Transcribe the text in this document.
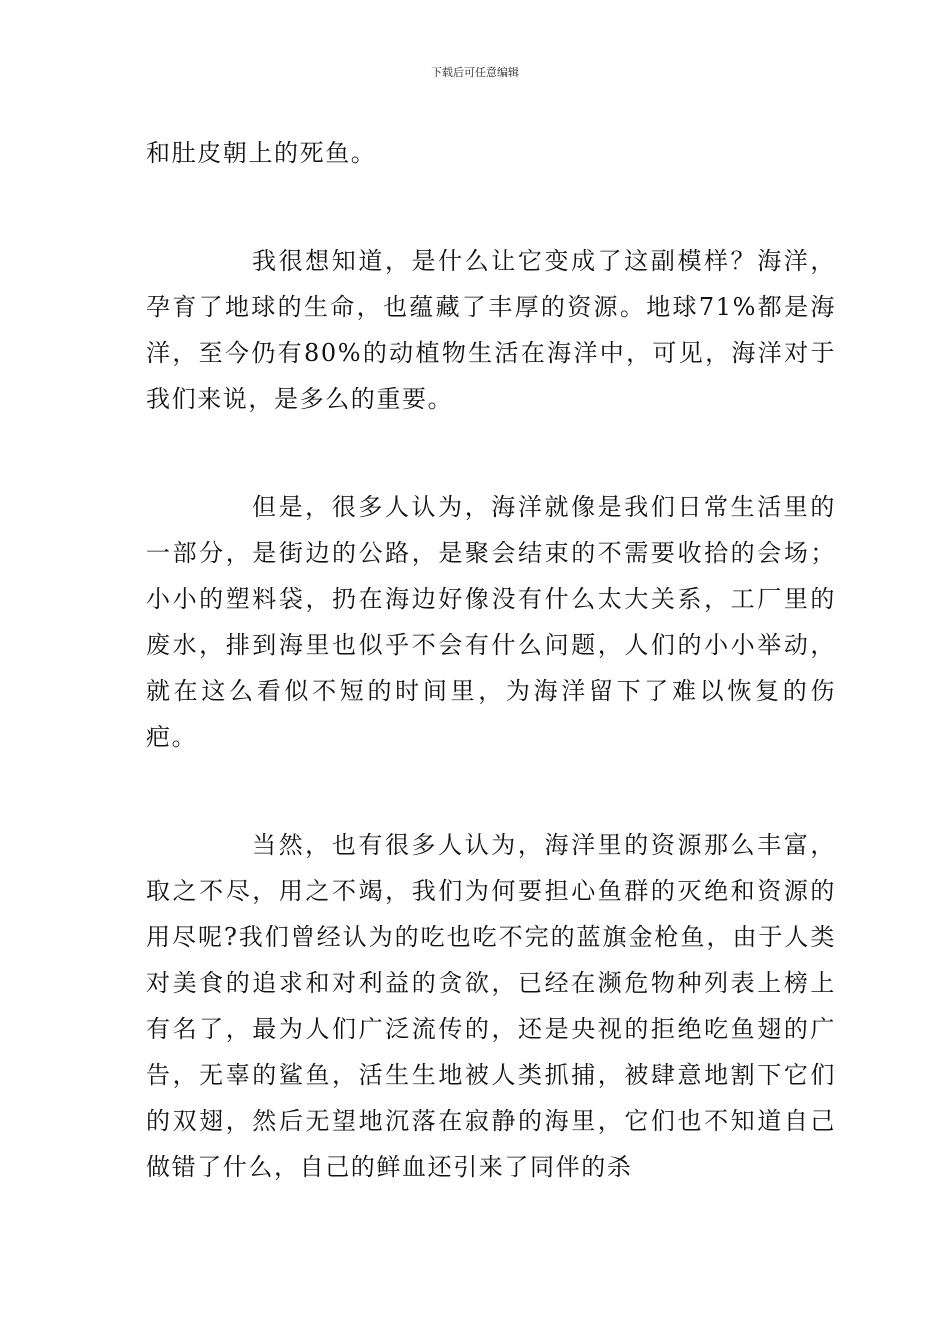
下载后可任意编辑

和肚皮朝上的死鱼。

我很想知道，是什么让它变成了这副模样？海洋，孕育了地球的生命，也蕴藏了丰厚的资源。地球71%都是海洋，至今仍有80%的动植物生活在海洋中，可见，海洋对于我们来说，是多么的重要。

但是，很多人认为，海洋就像是我们日常生活里的一部分，是街边的公路，是聚会结束的不需要收拾的会场；小小的塑料袋，扔在海边好像没有什么太大关系，工厂里的废水，排到海里也似乎不会有什么问题，人们的小小举动，就在这么看似不短的时间里，为海洋留下了难以恢复的伤疤。

当然，也有很多人认为，海洋里的资源那么丰富，取之不尽，用之不竭，我们为何要担心鱼群的灭绝和资源的用尽呢?我们曾经认为的吃也吃不完的蓝旗金枪鱼，由于人类对美食的追求和对利益的贪欲，已经在濒危物种列表上榜上有名了，最为人们广泛流传的，还是央视的拒绝吃鱼翅的广告，无辜的鲨鱼，活生生地被人类抓捕，被肆意地割下它们的双翅，然后无望地沉落在寂静的海里，它们也不知道自己做错了什么，自己的鲜血还引来了同伴的杀
